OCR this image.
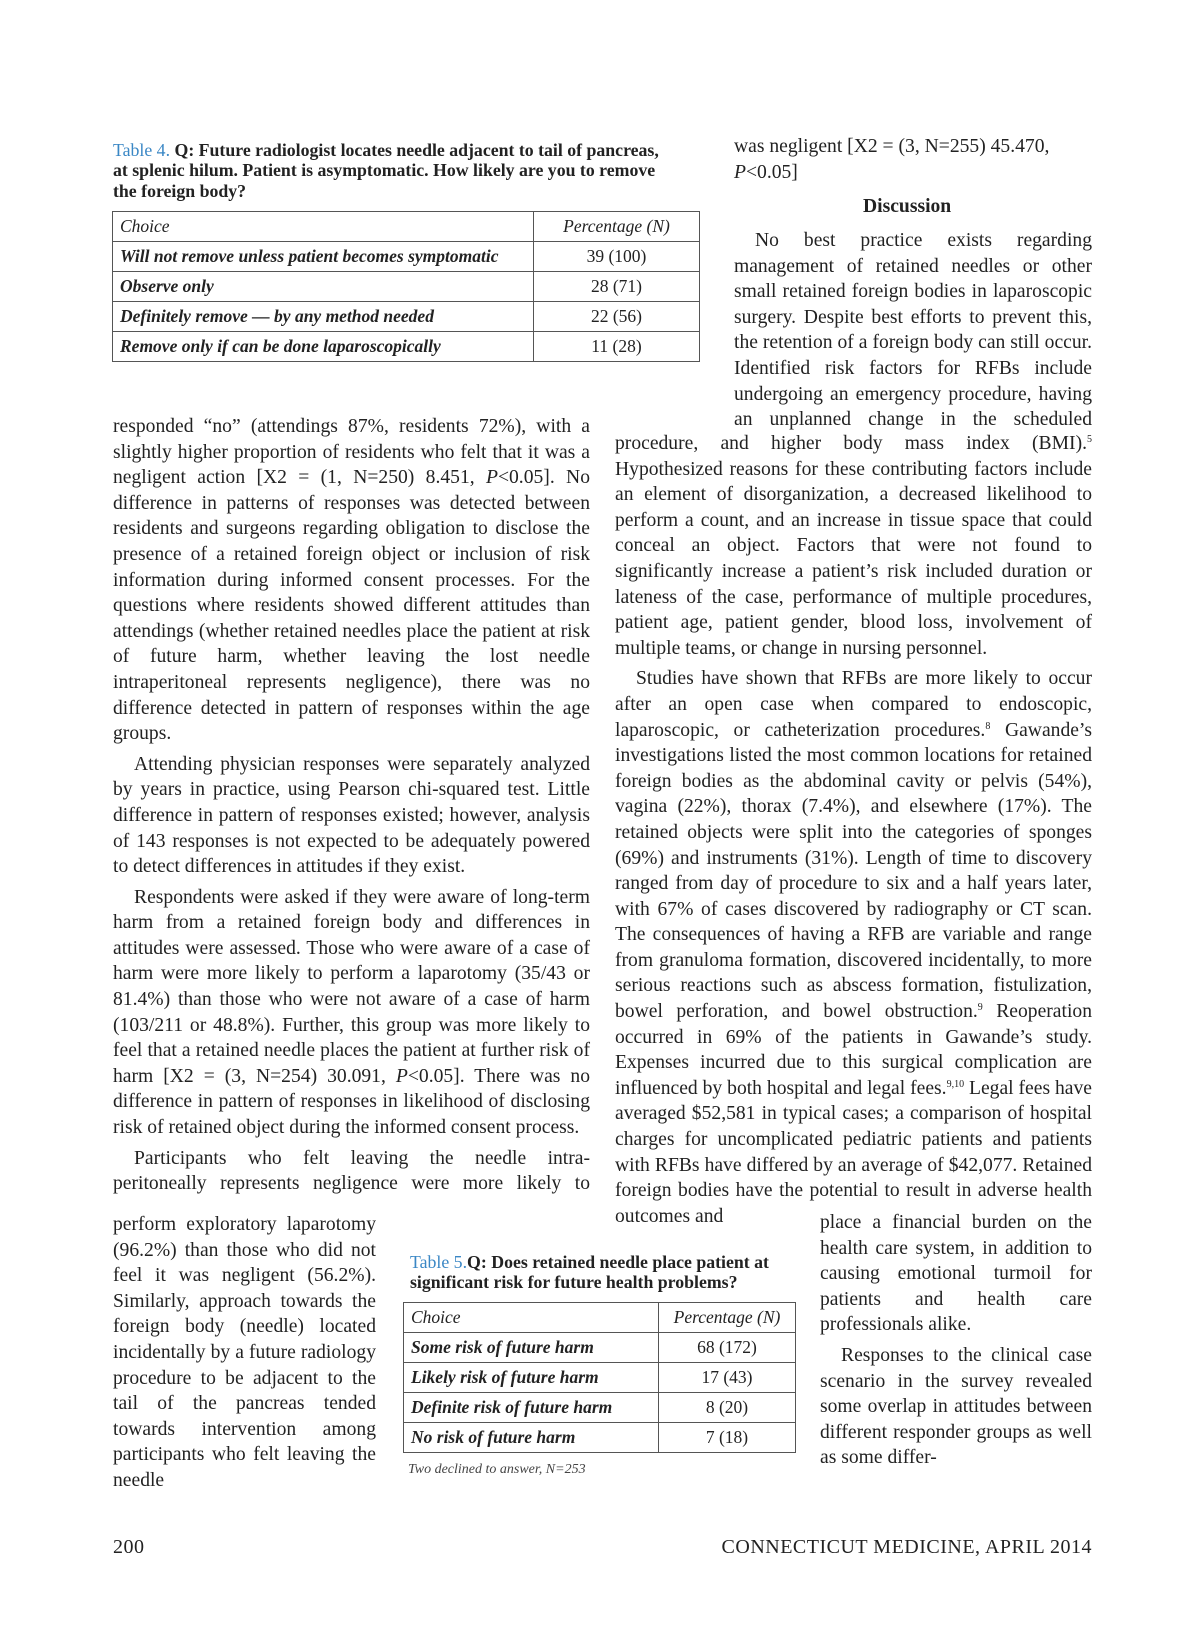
Table 4. Q: Future radiologist locates needle adjacent to tail of pancreas, at splenic hilum. Patient is asymptomatic. How likely are you to remove the foreign body?
Choice	Percentage (N)
Will not remove unless patient becomes symptomatic	39 (100)
Observe only	28 (71)
Definitely remove — by any method needed	22 (56)
Remove only if can be done laparoscopically	11 (28)
was negligent [X2 = (3, N=255) 45.470,
P<0.05]
Discussion

No best practice exists regarding management of retained needles or other small retained foreign bodies in laparoscopic surgery. Despite best efforts to prevent this, the retention of a foreign body can still occur. Identified risk factors for RFBs include undergoing an emergency procedure, having an unplanned change in the scheduled

procedure, and higher body mass index (BMI).$^5$ Hypothesized reasons for these contributing factors include an element of disorganization, a decreased likelihood to perform a count, and an increase in tissue space that could conceal an object. Factors that were not found to significantly increase a patient’s risk included duration or lateness of the case, performance of multiple procedures, patient age, patient gender, blood loss, involvement of multiple teams, or change in nursing personnel.

Studies have shown that RFBs are more likely to occur after an open case when compared to endoscopic, laparoscopic, or catheterization procedures.$^8$ Gawande’s investigations listed the most common locations for retained foreign bodies as the abdominal cavity or pelvis (54%), vagina (22%), thorax (7.4%), and elsewhere (17%). The retained objects were split into the categories of sponges (69%) and instruments (31%). Length of time to discovery ranged from day of procedure to six and a half years later, with 67% of cases discovered by radiography or CT scan. The consequences of having a RFB are variable and range from granuloma formation, discovered incidentally, to more serious reactions such as abscess formation, fistulization, bowel perforation, and bowel obstruction.$^9$ Reoperation occurred in 69% of the patients in Gawande’s study. Expenses incurred due to this surgical complication are influenced by both hospital and legal fees.$^{9,10}$ Legal fees have averaged $52,581 in typical cases; a comparison of hospital charges for uncomplicated pediatric patients and patients with RFBs have differed by an average of $42,077. Retained foreign bodies have the potential to result in adverse health outcomes and	place a financial burden on the health care system, in addition to causing emotional turmoil for patients and health care professionals alike.

Responses to the clinical case scenario in the survey revealed some overlap in attitudes between different responder groups as well as some differ-

responded “no” (attendings 87%, residents 72%), with a slightly higher proportion of residents who felt that it was a negligent action [X2 = (1, N=250) 8.451, P<0.05]. No difference in patterns of responses was detected between residents and surgeons regarding obligation to disclose the presence of a retained foreign object or inclusion of risk information during informed consent processes. For the questions where residents showed different attitudes than attendings (whether retained needles place the patient at risk of future harm, whether leaving the lost needle intraperitoneal represents negligence), there was no difference detected in pattern of responses within the age groups.

Attending physician responses were separately analyzed by years in practice, using Pearson chi-squared test. Little difference in pattern of responses existed; however, analysis of 143 responses is not expected to be adequately powered to detect differences in attitudes if they exist.

Respondents were asked if they were aware of long-term harm from a retained foreign body and differences in attitudes were assessed. Those who were aware of a case of harm were more likely to perform a laparotomy (35/43 or 81.4%) than those who were not aware of a case of harm (103/211 or 48.8%). Further, this group was more likely to feel that a retained needle places the patient at further risk of harm [X2 = (3, N=254) 30.091, P<0.05]. There was no difference in pattern of responses in likelihood of disclosing risk of retained object during the informed consent process.

Participants who felt leaving the needle intra-

peritoneally represents negligence were more likely to

perform exploratory laparotomy (96.2%) than those who did not feel it was negligent (56.2%). Similarly, approach towards the foreign body (needle) located incidentally by a future radiology procedure to be adjacent to the tail of the pancreas tended towards intervention among participants who felt leaving the needle

Table 5.Q: Does retained needle place patient at significant risk for future health problems?
Choice	Percentage (N)
Some risk of future harm	68 (172)
Likely risk of future harm	17 (43)
Definite risk of future harm	8 (20)
No risk of future harm	7 (18)
Two declined to answer, N=253
200	CONNECTICUT MEDICINE, APRIL 2014
